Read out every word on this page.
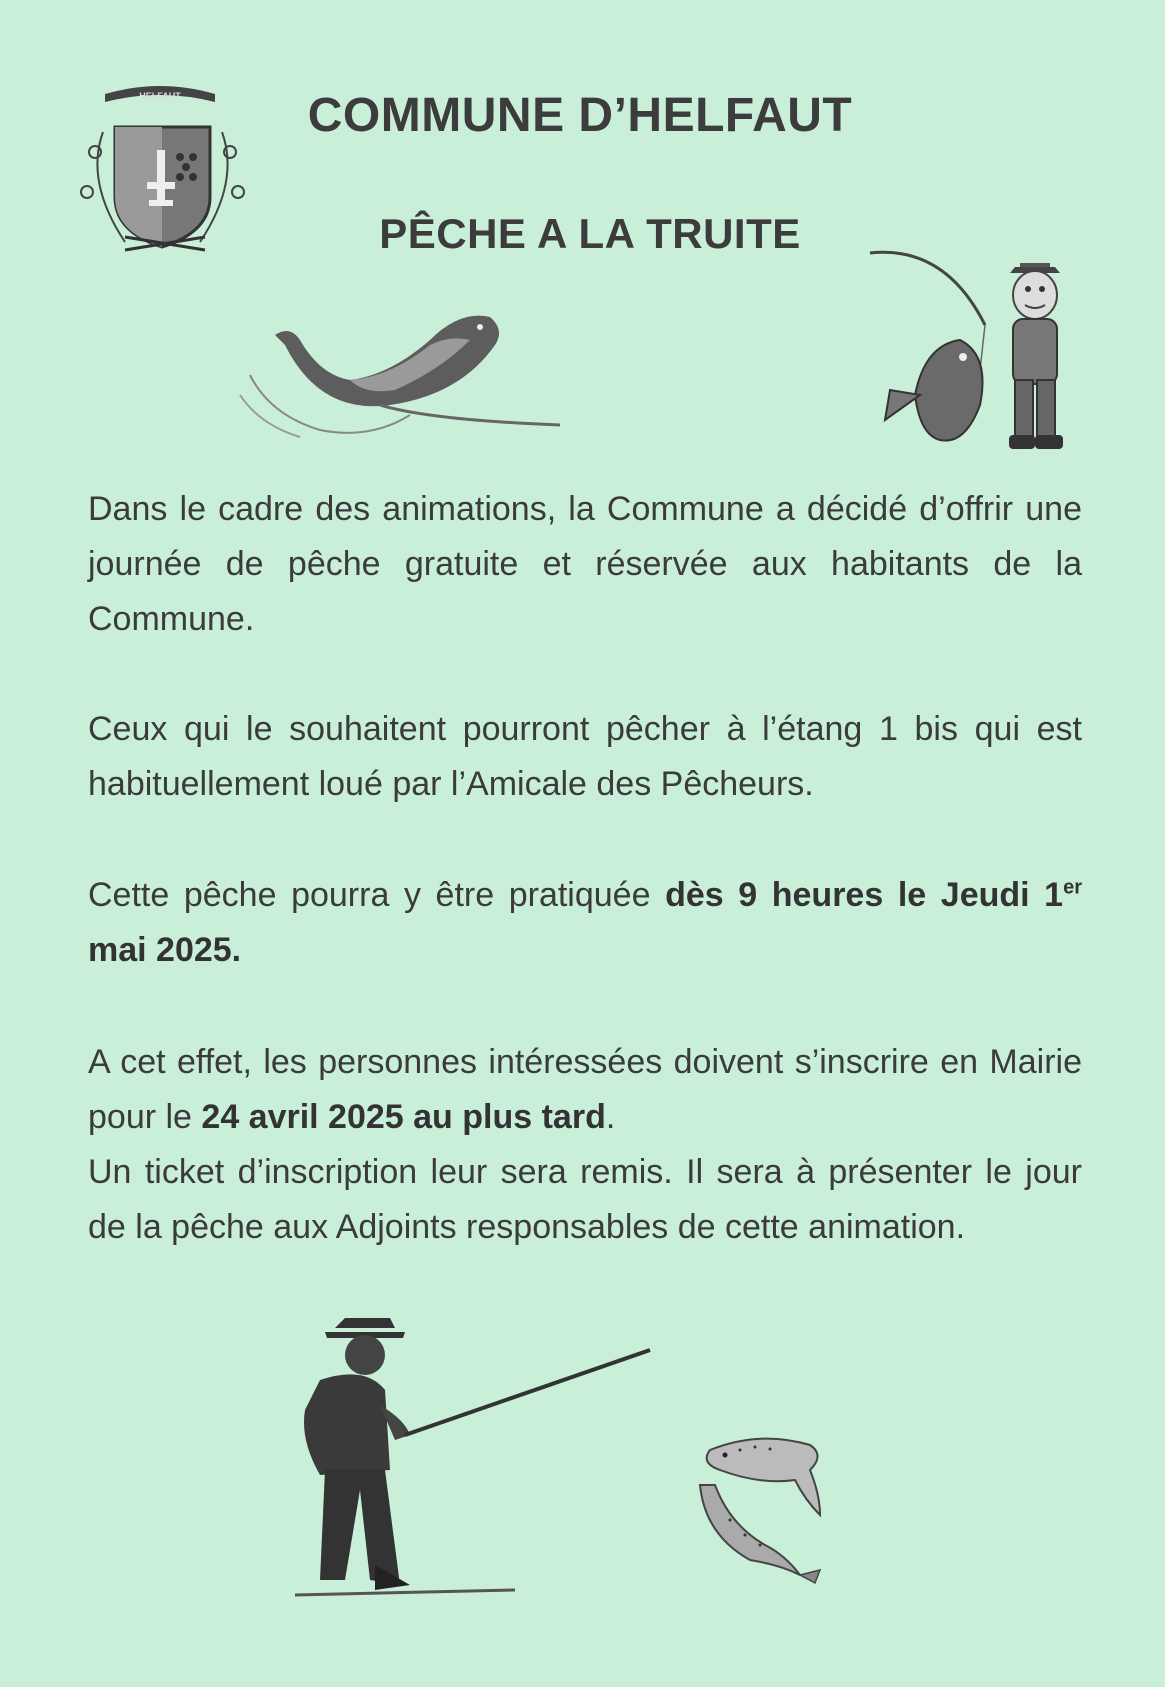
HELFAUT	COMMUNE D’HELFAUT
PÊCHE A LA TRUITE
Dans le cadre des animations, la Commune a décidé d’offrir une journée de pêche gratuite et réservée aux habitants de la Commune.
Ceux qui le souhaitent pourront pêcher à l’étang 1 bis qui est habituellement loué par l’Amicale des Pêcheurs.
Cette pêche pourra y être pratiquée dès 9 heures le Jeudi 1er mai 2025.
A cet effet, les personnes intéressées doivent s’inscrire en Mairie pour le 24 avril 2025 au plus tard.
Un ticket d’inscription leur sera remis. Il sera à présenter le jour de la pêche aux Adjoints responsables de cette animation.
